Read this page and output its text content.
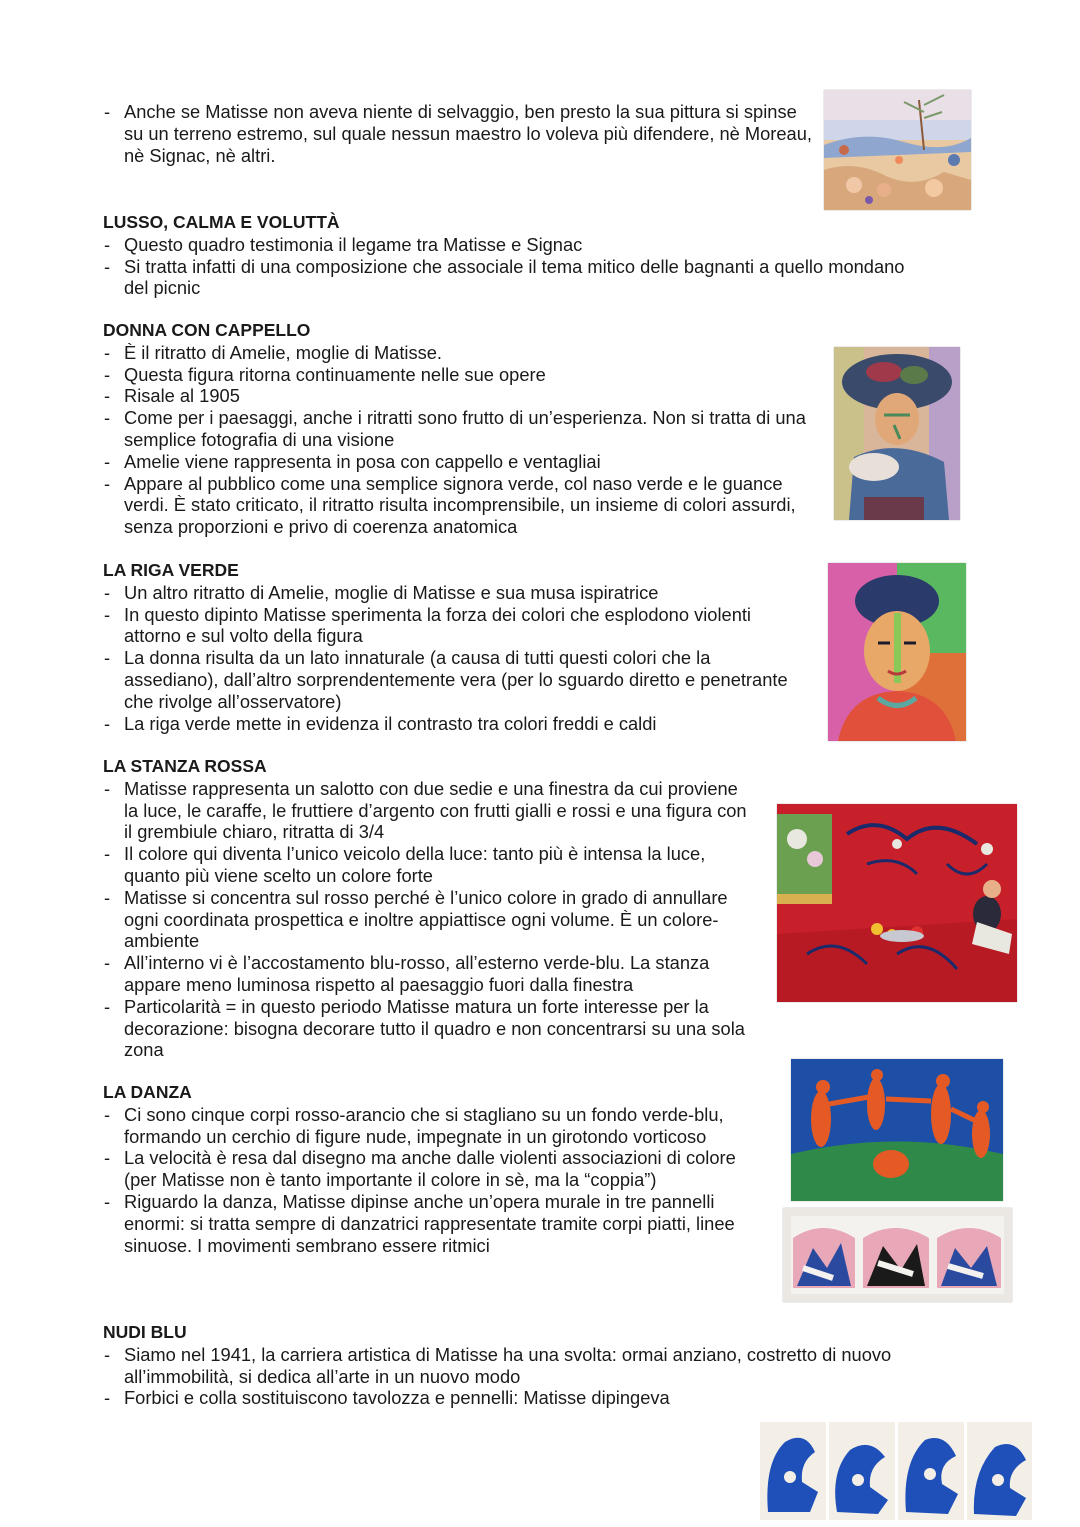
- Anche se Matisse non aveva niente di selvaggio, ben presto la sua pittura si spinse su un terreno estremo, sul quale nessun maestro lo voleva più difendere, nè Moreau, nè Signac, nè altri.
LUSSO, CALMA E VOLUTTÀ
- Questo quadro testimonia il legame tra Matisse e Signac
- Si tratta infatti di una composizione che associale il tema mitico delle bagnanti a quello mondano del picnic
DONNA CON CAPPELLO
- È il ritratto di Amelie, moglie di Matisse.
- Questa figura ritorna continuamente nelle sue opere
- Risale al 1905
- Come per i paesaggi, anche i ritratti sono frutto di un’esperienza. Non si tratta di una semplice fotografia di una visione
- Amelie viene rappresenta in posa con cappello e ventagliai
- Appare al pubblico come una semplice signora verde, col naso verde e le guance verdi. È stato criticato, il ritratto risulta incomprensibile, un insieme di colori assurdi, senza proporzioni e privo di coerenza anatomica
LA RIGA VERDE
- Un altro ritratto di Amelie, moglie di Matisse e sua musa ispiratrice
- In questo dipinto Matisse sperimenta la forza dei colori che esplodono violenti attorno e sul volto della figura
- La donna risulta da un lato innaturale (a causa di tutti questi colori che la assediano), dall’altro sorprendentemente vera (per lo sguardo diretto e penetrante che rivolge all’osservatore)
- La riga verde mette in evidenza il contrasto tra colori freddi e caldi
LA STANZA ROSSA
- Matisse rappresenta un salotto con due sedie e una finestra da cui proviene la luce, le caraffe, le fruttiere d’argento con frutti gialli e rossi e una figura con il grembiule chiaro, ritratta di 3/4
- Il colore qui diventa l’unico veicolo della luce: tanto più è intensa la luce, quanto più viene scelto un colore forte
- Matisse si concentra sul rosso perché è l’unico colore in grado di annullare ogni coordinata prospettica e inoltre appiattisce ogni volume. È un colore-ambiente
- All’interno vi è l’accostamento blu-rosso, all’esterno verde-blu. La stanza appare meno luminosa rispetto al paesaggio fuori dalla finestra
- Particolarità = in questo periodo Matisse matura un forte interesse per la decorazione: bisogna decorare tutto il quadro e non concentrarsi su una sola zona
LA DANZA
- Ci sono cinque corpi rosso-arancio che si stagliano su un fondo verde-blu, formando un cerchio di figure nude, impegnate in un girotondo vorticoso
- La velocità è resa dal disegno ma anche dalle violenti associazioni di colore (per Matisse non è tanto importante il colore in sè, ma la “coppia”)
- Riguardo la danza, Matisse dipinse anche un’opera murale in tre pannelli enormi: si tratta sempre di danzatrici rappresentate tramite corpi piatti, linee sinuose. I movimenti sembrano essere ritmici
NUDI BLU
- Siamo nel 1941, la carriera artistica di Matisse ha una svolta: ormai anziano, costretto di nuovo all’immobilità, si dedica all’arte in un nuovo modo
- Forbici e colla sostituiscono tavolozza e pennelli: Matisse dipingeva
